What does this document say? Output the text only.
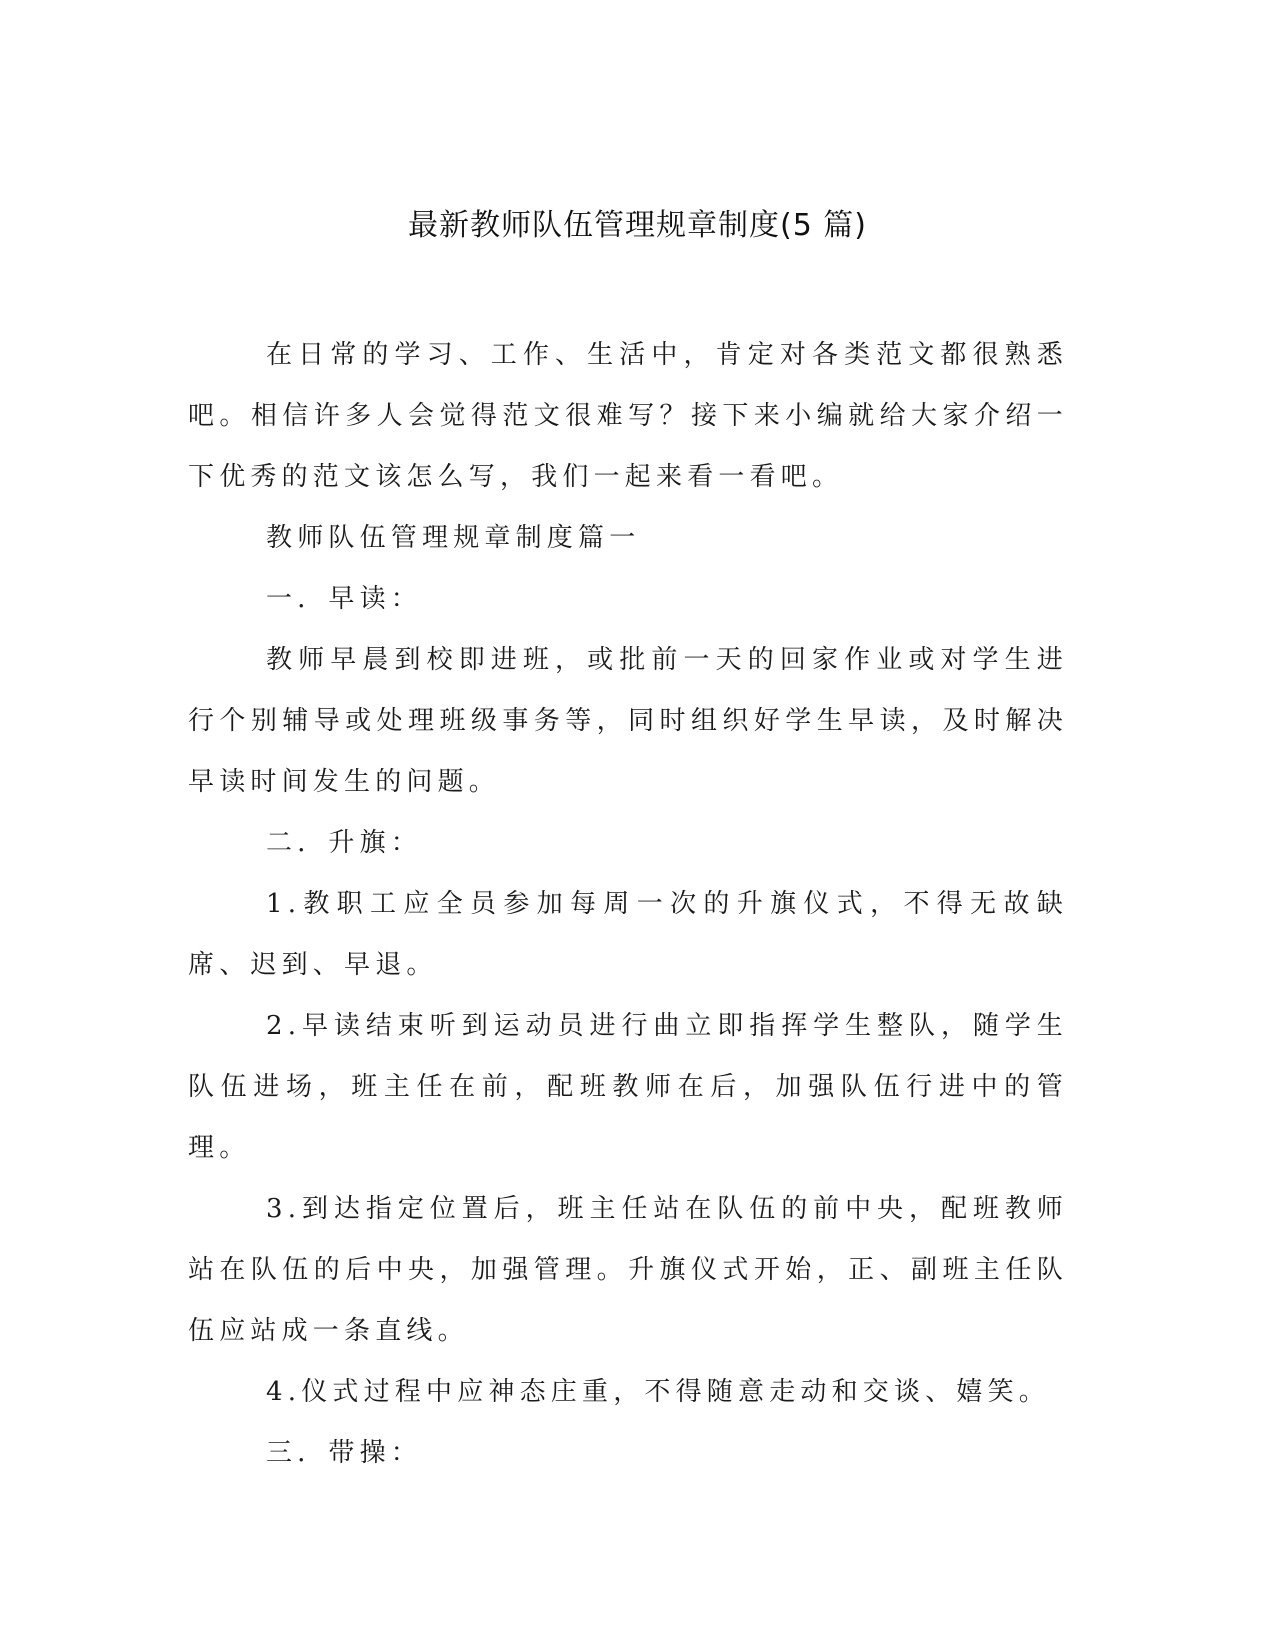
最新教师队伍管理规章制度(5 篇)

在日常的学习、工作、生活中，肯定对各类范文都很熟悉吧。相信许多人会觉得范文很难写？接下来小编就给大家介绍一下优秀的范文该怎么写，我们一起来看一看吧。

教师队伍管理规章制度篇一

一．早读：

教师早晨到校即进班，或批前一天的回家作业或对学生进行个别辅导或处理班级事务等，同时组织好学生早读，及时解决早读时间发生的问题。

二．升旗：

1.教职工应全员参加每周一次的升旗仪式，不得无故缺席、迟到、早退。

2.早读结束听到运动员进行曲立即指挥学生整队，随学生队伍进场，班主任在前，配班教师在后，加强队伍行进中的管理。

3.到达指定位置后，班主任站在队伍的前中央，配班教师站在队伍的后中央，加强管理。升旗仪式开始，正、副班主任队伍应站成一条直线。

4.仪式过程中应神态庄重，不得随意走动和交谈、嬉笑。

三．带操：
